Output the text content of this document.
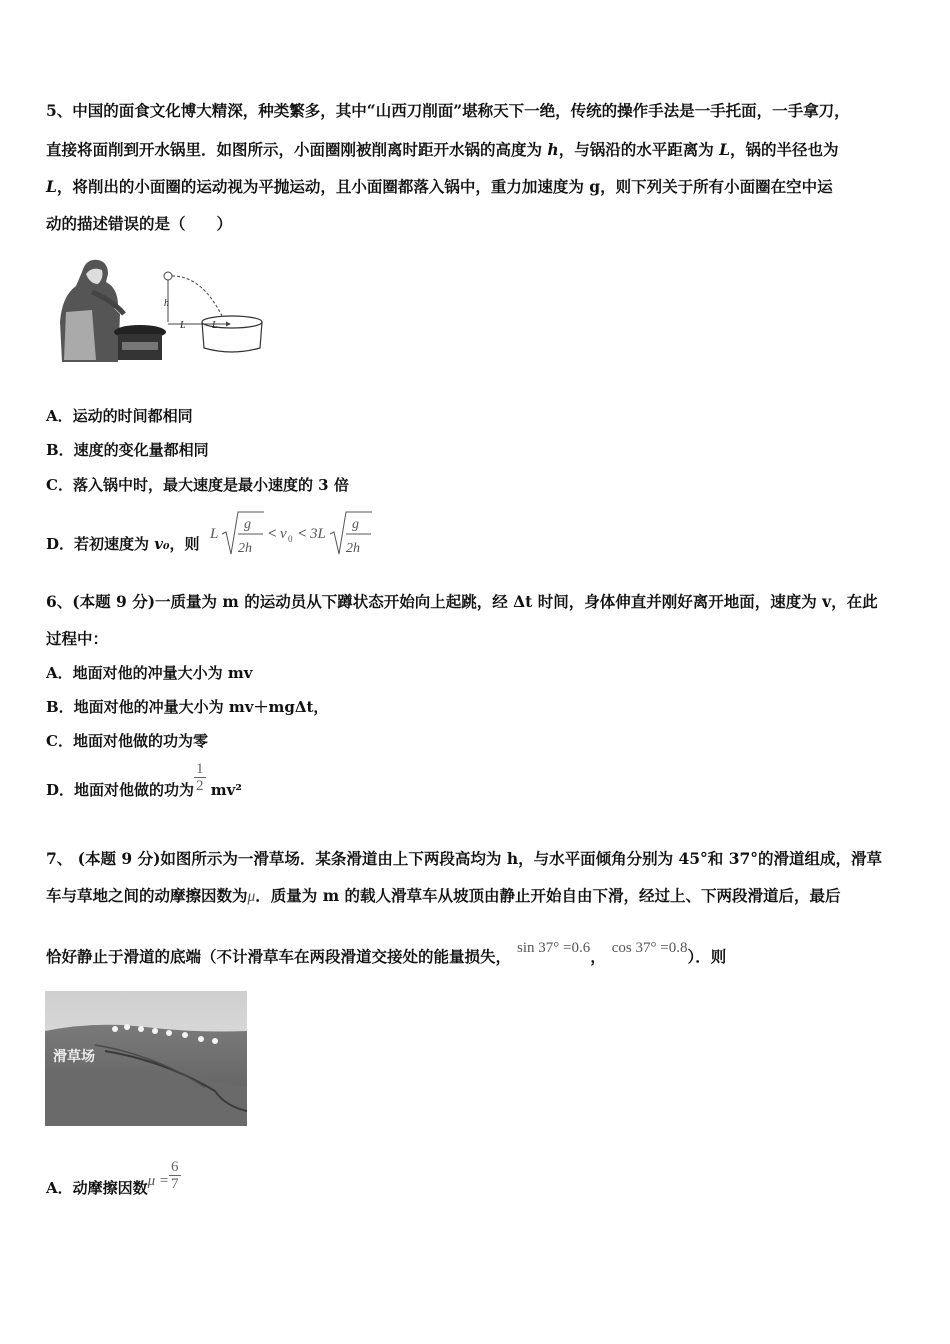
5、中国的面食文化博大精深，种类繁多，其中“山西刀削面”堪称天下一绝，传统的操作手法是一手托面，一手拿刀，
直接将面削到开水锅里．如图所示，小面圈刚被削离时距开水锅的高度为 h，与锅沿的水平距离为 L，锅的半径也为
L，将削出的小面圈的运动视为平抛运动，且小面圈都落入锅中，重力加速度为 g，则下列关于所有小面圈在空中运
动的描述错误的是（　　）
h
L	L
A．运动的时间都相同
B．速度的变化量都相同
C．落入锅中时，最大速度是最小速度的 3 倍
D．若初速度为 v₀，则
L
g
2h
< v 0 < 3L
g
2h
6、(本题 9 分)一质量为 m 的运动员从下蹲状态开始向上起跳，经 Δt 时间，身体伸直并刚好离开地面，速度为 v，在此
过程中：
A．地面对他的冲量大小为 mv
B．地面对他的冲量大小为 mv＋mgΔt，
C．地面对他做的功为零
D．地面对他做的功为 $\frac{1}{2} mv^2$
7、 (本题 9 分)如图所示为一滑草场．某条滑道由上下两段高均为 h，与水平面倾角分别为 45°和 37°的滑道组成，滑草
车与草地之间的动摩擦因数为μ．质量为 m 的载人滑草车从坡顶由静止开始自由下滑，经过上、下两段滑道后，最后
恰好静止于滑道的底端（不计滑草车在两段滑道交接处的能量损失， sin 37° =0.6， cos 37° =0.8）．则
滑草场
A．动摩擦因数$\mu = \frac{6}{7}$
